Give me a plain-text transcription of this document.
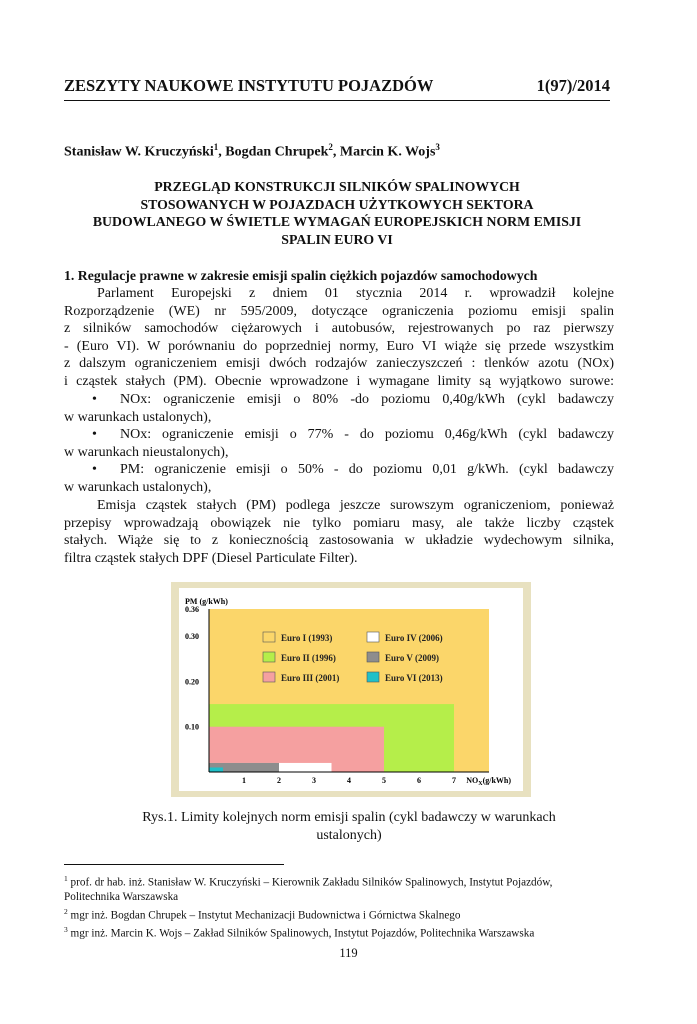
ZESZYTY NAUKOWE INSTYTUTU POJAZDÓW	1(97)/2014
Stanisław W. Kruczyński$^1$, Bogdan Chrupek$^2$, Marcin K. Wojs$^3$
PRZEGLĄD KONSTRUKCJI SILNIKÓW SPALINOWYCH
STOSOWANYCH W POJAZDACH UŻYTKOWYCH SEKTORA
BUDOWLANEGO W ŚWIETLE WYMAGAŃ EUROPEJSKICH NORM EMISJI
SPALIN EURO VI
1. Regulacje prawne w zakresie emisji spalin ciężkich pojazdów samochodowych
Parlament Europejski z dniem 01 stycznia 2014 r. wprowadził kolejne
Rozporządzenie (WE) nr 595/2009, dotyczące ograniczenia poziomu emisji spalin
z silników samochodów ciężarowych i autobusów, rejestrowanych po raz pierwszy
- (Euro VI). W porównaniu do poprzedniej normy, Euro VI wiąże się przede wszystkim
z dalszym ograniczeniem emisji dwóch rodzajów zanieczyszczeń : tlenków azotu (NOx)
i cząstek stałych (PM). Obecnie wprowadzone i wymagane limity są wyjątkowo surowe:
•	NOx: ograniczenie emisji o 80% -do poziomu 0,40g/kWh (cykl badawczy
w warunkach ustalonych),
•	NOx: ograniczenie emisji o 77% - do poziomu 0,46g/kWh (cykl badawczy
w warunkach nieustalonych),
•	PM: ograniczenie emisji o 50% - do poziomu 0,01 g/kWh. (cykl badawczy
w warunkach ustalonych),
Emisja cząstek stałych (PM) podlega jeszcze surowszym ograniczeniom, ponieważ
przepisy wprowadzają obowiązek nie tylko pomiaru masy, ale także liczby cząstek
stałych. Wiąże się to z koniecznością zastosowania w układzie wydechowym silnika,
filtra cząstek stałych DPF (Diesel Particulate Filter).
Euro I (1993)
Euro II (1996)
Euro III (2001)
Euro IV (2006)
Euro V (2009)
Euro VI (2013)
1	2	3	4	5	6	7
0.10
0.20
0.30
0.36
PM (g/kWh)
$NO_X(g/kWh)$
Rys.1. Limity kolejnych norm emisji spalin (cykl badawczy w warunkach
ustalonych)
$^1$ prof. dr hab. inż. Stanisław W. Kruczyński – Kierownik Zakładu Silników Spalinowych, Instytut Pojazdów,
Politechnika Warszawska
$^2$ mgr inż. Bogdan Chrupek – Instytut Mechanizacji Budownictwa i Górnictwa Skalnego
$^3$ mgr inż. Marcin K. Wojs – Zakład Silników Spalinowych, Instytut Pojazdów, Politechnika Warszawska
119
